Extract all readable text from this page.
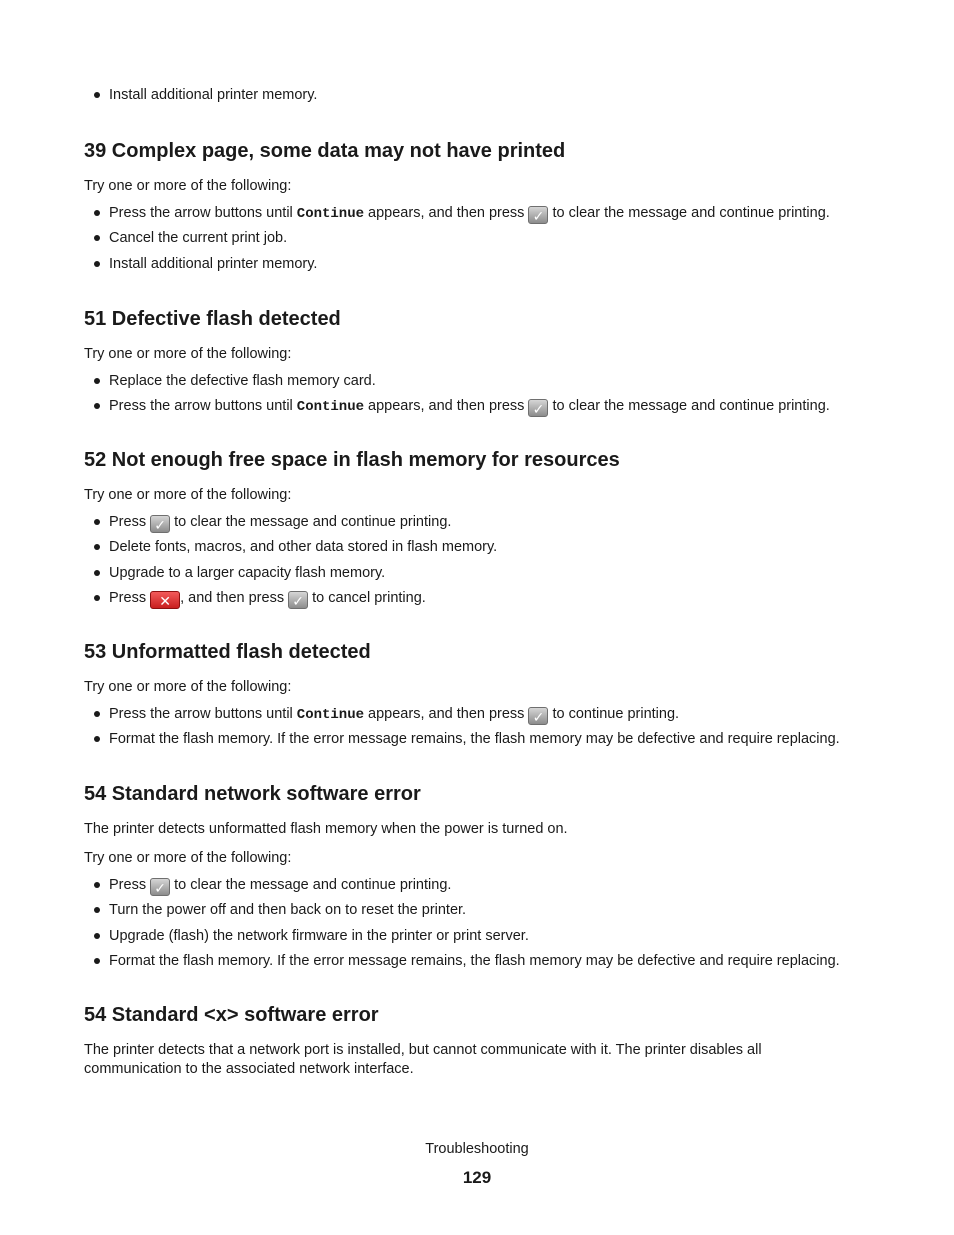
Install additional printer memory.
39 Complex page, some data may not have printed

Try one or more of the following:

Press the arrow buttons until Continue appears, and then press ✓ to clear the message and continue printing.
Cancel the current print job.
Install additional printer memory.
51 Defective flash detected

Try one or more of the following:

Replace the defective flash memory card.
Press the arrow buttons until Continue appears, and then press ✓ to clear the message and continue printing.
52 Not enough free space in flash memory for resources

Try one or more of the following:

Press ✓ to clear the message and continue printing.
Delete fonts, macros, and other data stored in flash memory.
Upgrade to a larger capacity flash memory.
Press ✕ , and then press ✓ to cancel printing.
53 Unformatted flash detected

Try one or more of the following:

Press the arrow buttons until Continue appears, and then press ✓ to continue printing.
Format the flash memory. If the error message remains, the flash memory may be defective and require replacing.
54 Standard network software error

The printer detects unformatted flash memory when the power is turned on.

Try one or more of the following:

Press ✓ to clear the message and continue printing.
Turn the power off and then back on to reset the printer.
Upgrade (flash) the network firmware in the printer or print server.
Format the flash memory. If the error message remains, the flash memory may be defective and require replacing.
54 Standard <x> software error

The printer detects that a network port is installed, but cannot communicate with it. The printer disables all
communication to the associated network interface.

Troubleshooting
129
